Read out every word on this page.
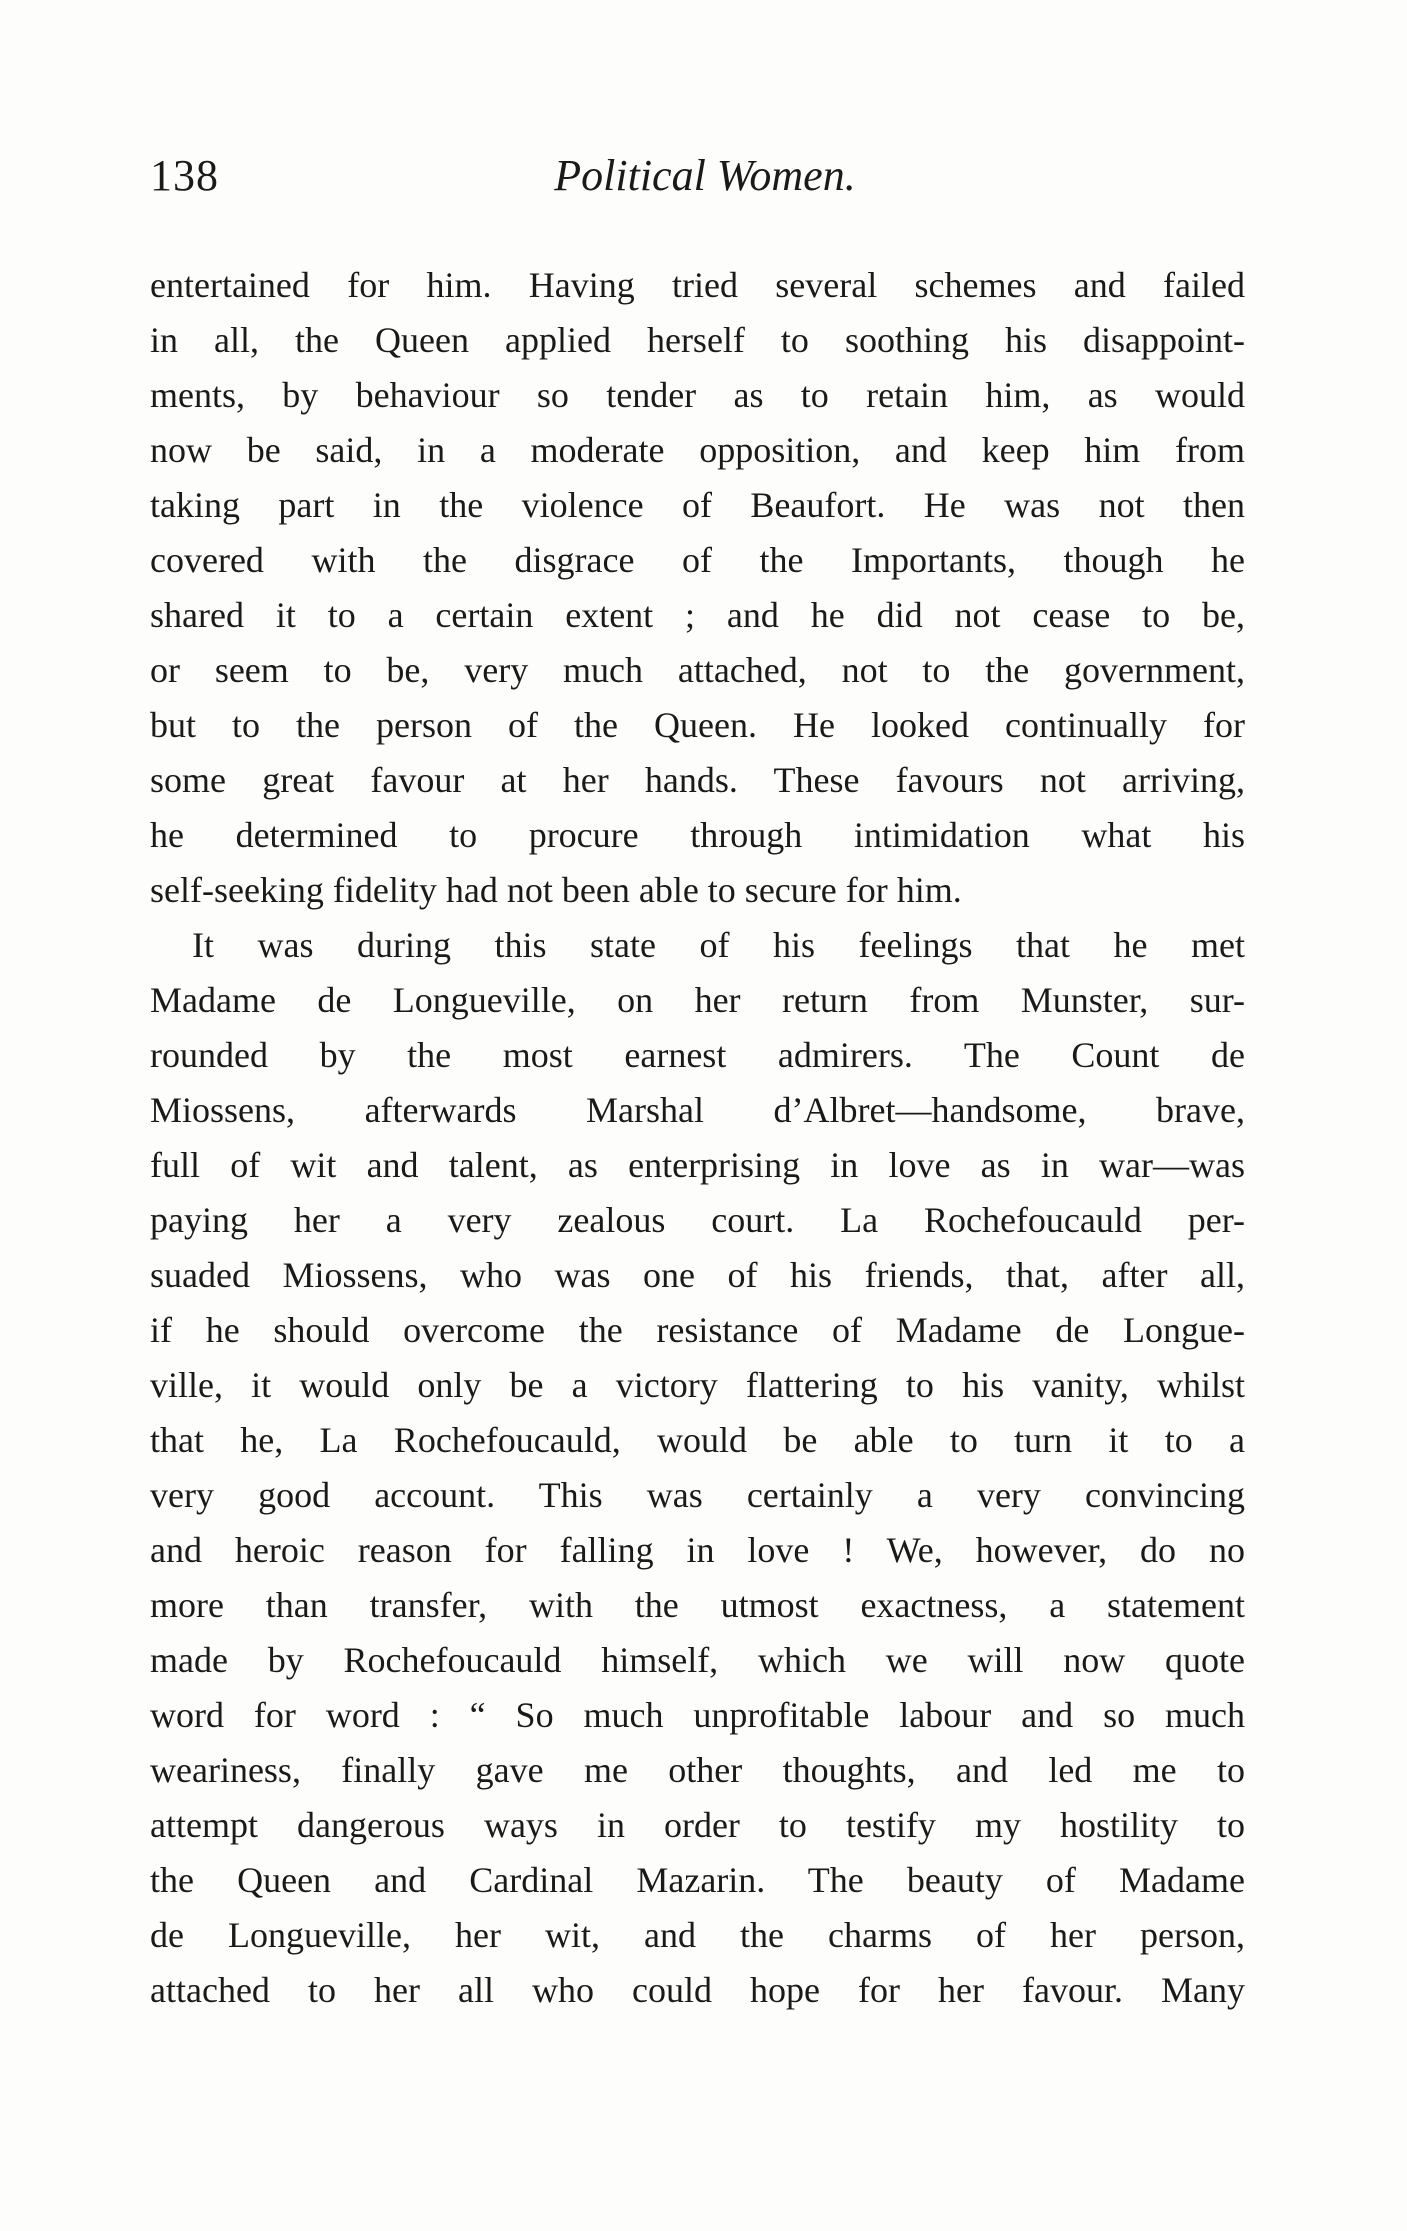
138	Political Women.
entertained for him. Having tried several schemes and failed
in all, the Queen applied herself to soothing his disappoint-
ments, by behaviour so tender as to retain him, as would
now be said, in a moderate opposition, and keep him from
taking part in the violence of Beaufort. He was not then
covered with the disgrace of the Importants, though he
shared it to a certain extent ; and he did not cease to be,
or seem to be, very much attached, not to the government,
but to the person of the Queen. He looked continually for
some great favour at her hands. These favours not arriving,
he determined to procure through intimidation what his
self-seeking fidelity had not been able to secure for him.
It was during this state of his feelings that he met
Madame de Longueville, on her return from Munster, sur-
rounded by the most earnest admirers. The Count de
Miossens, afterwards Marshal d’Albret—handsome, brave,
full of wit and talent, as enterprising in love as in war—was
paying her a very zealous court. La Rochefoucauld per-
suaded Miossens, who was one of his friends, that, after all,
if he should overcome the resistance of Madame de Longue-
ville, it would only be a victory flattering to his vanity, whilst
that he, La Rochefoucauld, would be able to turn it to a
very good account. This was certainly a very convincing
and heroic reason for falling in love ! We, however, do no
more than transfer, with the utmost exactness, a statement
made by Rochefoucauld himself, which we will now quote
word for word : “ So much unprofitable labour and so much
weariness, finally gave me other thoughts, and led me to
attempt dangerous ways in order to testify my hostility to
the Queen and Cardinal Mazarin. The beauty of Madame
de Longueville, her wit, and the charms of her person,
attached to her all who could hope for her favour. Many
